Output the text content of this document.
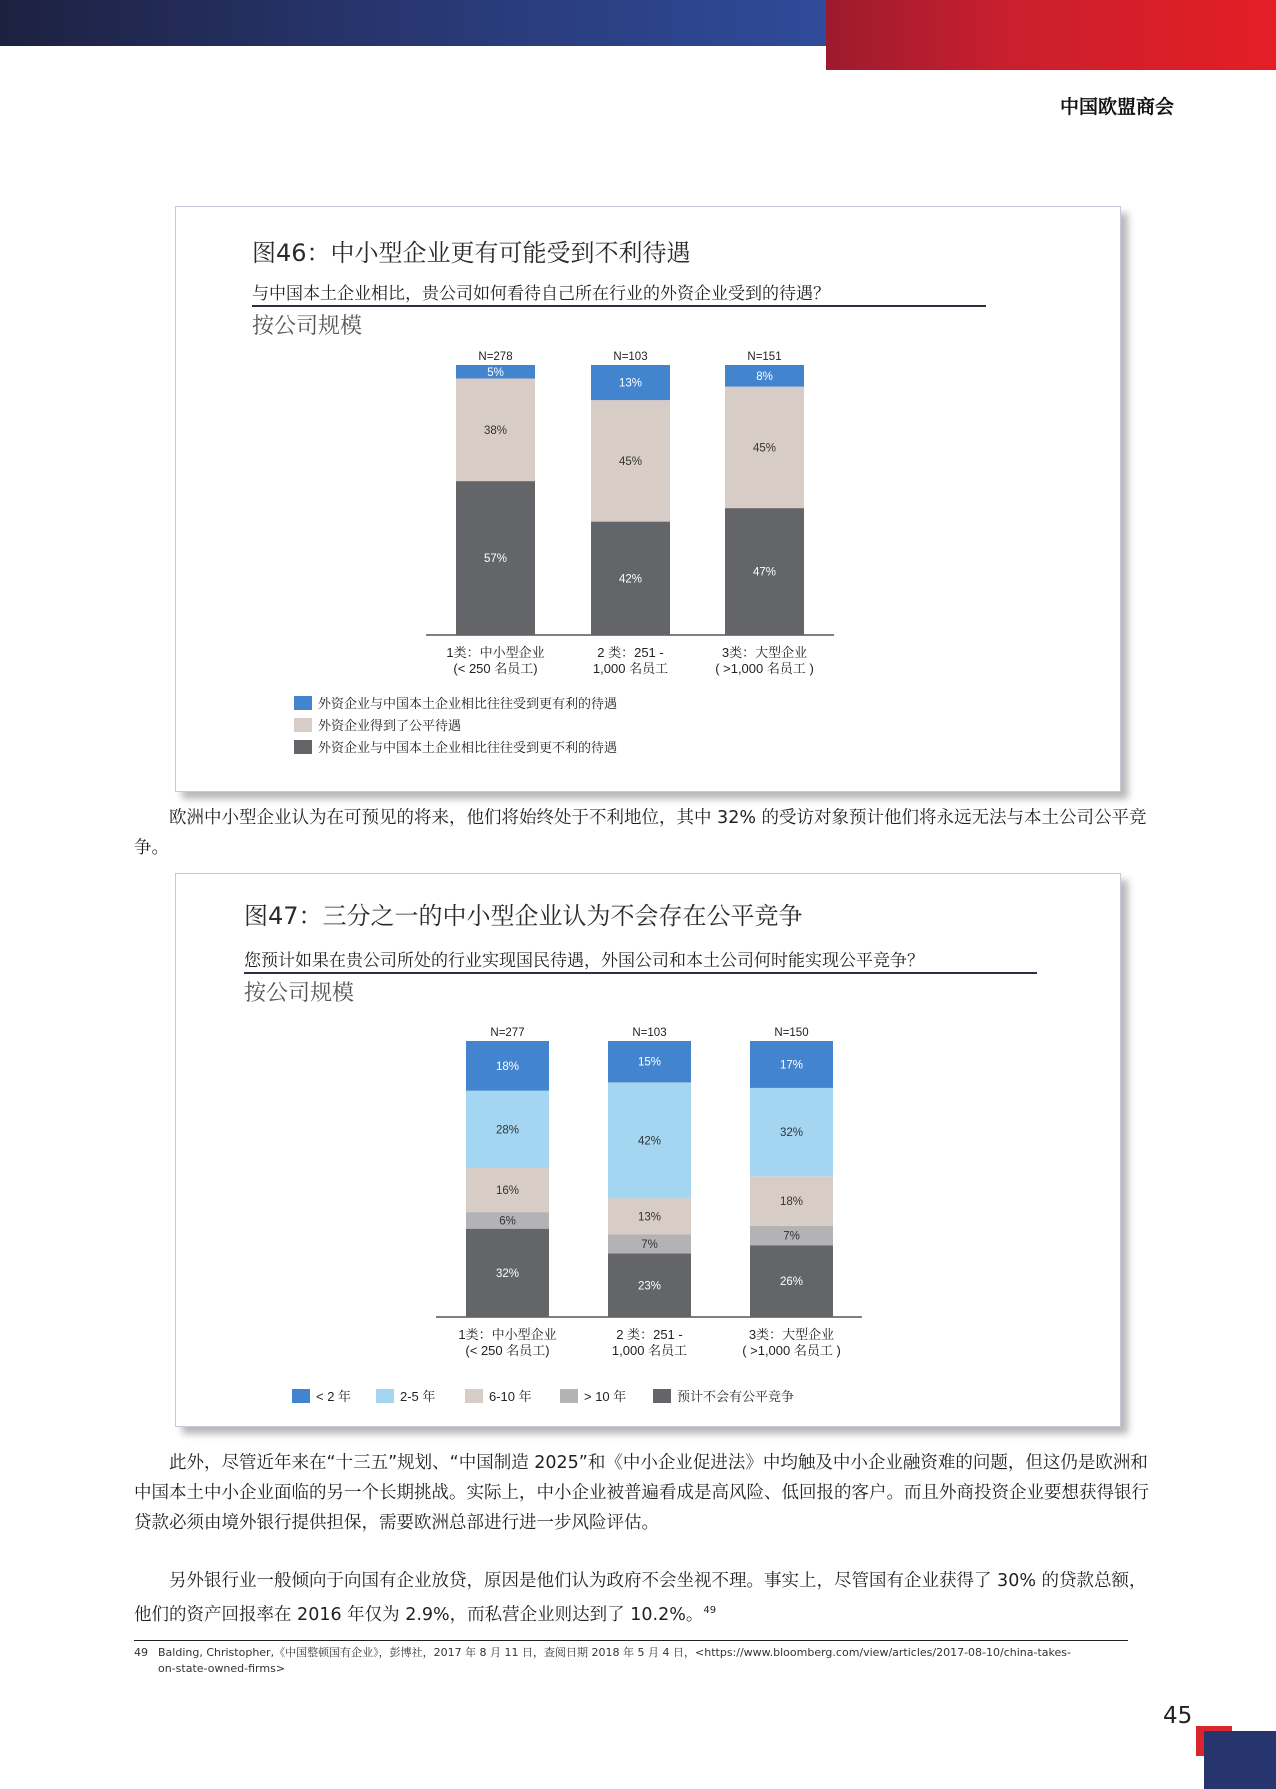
中国欧盟商会
图46：中小型企业更有可能受到不利待遇
与中国本土企业相比，贵公司如何看待自己所在行业的外资企业受到的待遇？
按公司规模
57%
38%
5%
N=278
1类：中小型企业
(< 250 名员工)
42%
45%
13%
N=103
2 类：251 -
1,000 名员工
47%
45%
8%
N=151
3类：大型企业
( >1,000 名员工 )
外资企业与中国本土企业相比往往受到更有利的待遇
外资企业得到了公平待遇
外资企业与中国本土企业相比往往受到更不利的待遇

欧洲中小型企业认为在可预见的将来，他们将始终处于不利地位，其中 32% 的受访对象预计他们将永远无法与本土公司公平竞争。

图47：三分之一的中小型企业认为不会存在公平竞争
您预计如果在贵公司所处的行业实现国民待遇，外国公司和本土公司何时能实现公平竞争？
按公司规模
32%
6%
16%
28%
18%
N=277
1类：中小型企业
(< 250 名员工)
23%
7%
13%
42%
15%
N=103
2 类：251 -
1,000 名员工
26%
7%
18%
32%
17%
N=150
3类：大型企业
( >1,000 名员工 )
< 2 年	2-5 年	6-10 年	> 10 年	预计不会有公平竞争

此外，尽管近年来在“十三五”规划、“中国制造 2025”和《中小企业促进法》中均触及中小企业融资难的问题，但这仍是欧洲和中国本土中小企业面临的另一个长期挑战。实际上，中小企业被普遍看成是高风险、低回报的客户。而且外商投资企业要想获得银行贷款必须由境外银行提供担保，需要欧洲总部进行进一步风险评估。

另外银行业一般倾向于向国有企业放贷，原因是他们认为政府不会坐视不理。事实上，尽管国有企业获得了 30% 的贷款总额，他们的资产回报率在 2016 年仅为 2.9%，而私营企业则达到了 10.2%。$^{49}$

49 Balding, Christopher,《中国整顿国有企业》，彭博社，2017 年 8 月 11 日，查阅日期 2018 年 5 月 4 日，<https://www.bloomberg.com/view/articles/2017-08-10/china-takes-
on-state-owned-firms>
45
